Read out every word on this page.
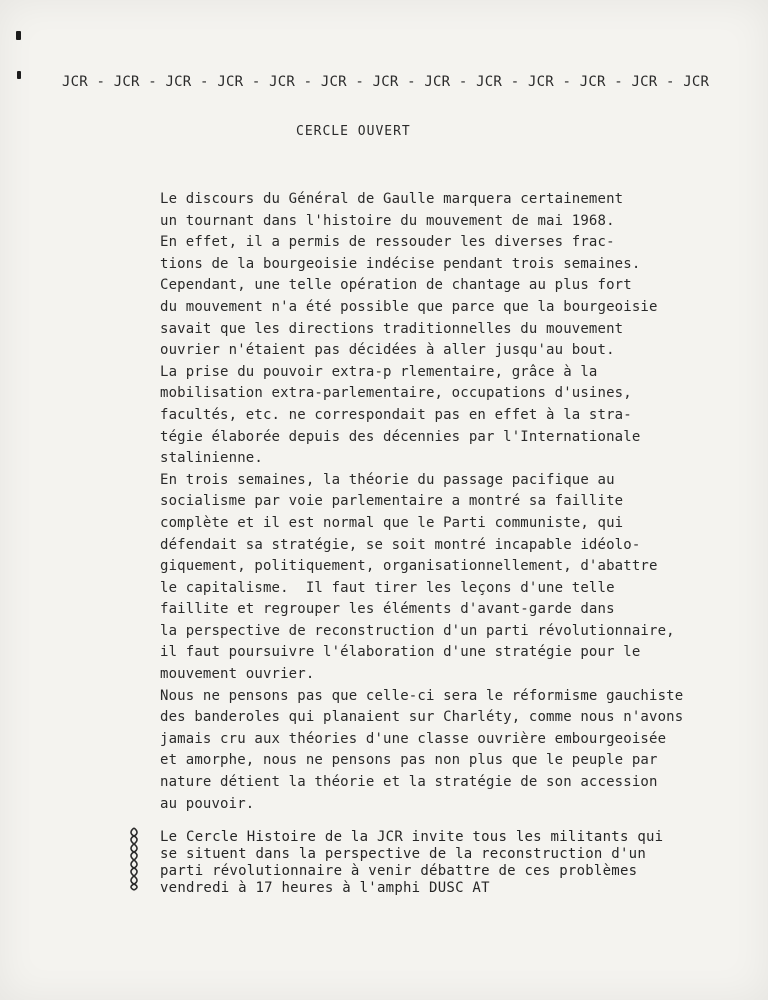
JCR - JCR - JCR - JCR - JCR - JCR - JCR - JCR - JCR - JCR - JCR - JCR - JCR
CERCLE OUVERT
Le discours du Général de Gaulle marquera certainement
un tournant dans l'histoire du mouvement de mai 1968.
En effet, il a permis de ressouder les diverses frac-
tions de la bourgeoisie indécise pendant trois semaines.
Cependant, une telle opération de chantage au plus fort
du mouvement n'a été possible que parce que la bourgeoisie
savait que les directions traditionnelles du mouvement
ouvrier n'étaient pas décidées à aller jusqu'au bout.
La prise du pouvoir extra-p rlementaire, grâce à la
mobilisation extra-parlementaire, occupations d'usines,
facultés, etc. ne correspondait pas en effet à la stra-
tégie élaborée depuis des décennies par l'Internationale
stalinienne.
En trois semaines, la théorie du passage pacifique au
socialisme par voie parlementaire a montré sa faillite
complète et il est normal que le Parti communiste, qui
défendait sa stratégie, se soit montré incapable idéolo-
giquement, politiquement, organisationnellement, d'abattre
le capitalisme.  Il faut tirer les leçons d'une telle
faillite et regrouper les éléments d'avant-garde dans
la perspective de reconstruction d'un parti révolutionnaire,
il faut poursuivre l'élaboration d'une stratégie pour le
mouvement ouvrier.
Nous ne pensons pas que celle-ci sera le réformisme gauchiste
des banderoles qui planaient sur Charléty, comme nous n'avons
jamais cru aux théories d'une classe ouvrière embourgeoisée
et amorphe, nous ne pensons pas non plus que le peuple par
nature détient la théorie et la stratégie de son accession
au pouvoir.
Le Cercle Histoire de la JCR invite tous les militants qui
se situent dans la perspective de la reconstruction d'un
parti révolutionnaire à venir débattre de ces problèmes
vendredi à 17 heures à l'amphi DUSC AT
